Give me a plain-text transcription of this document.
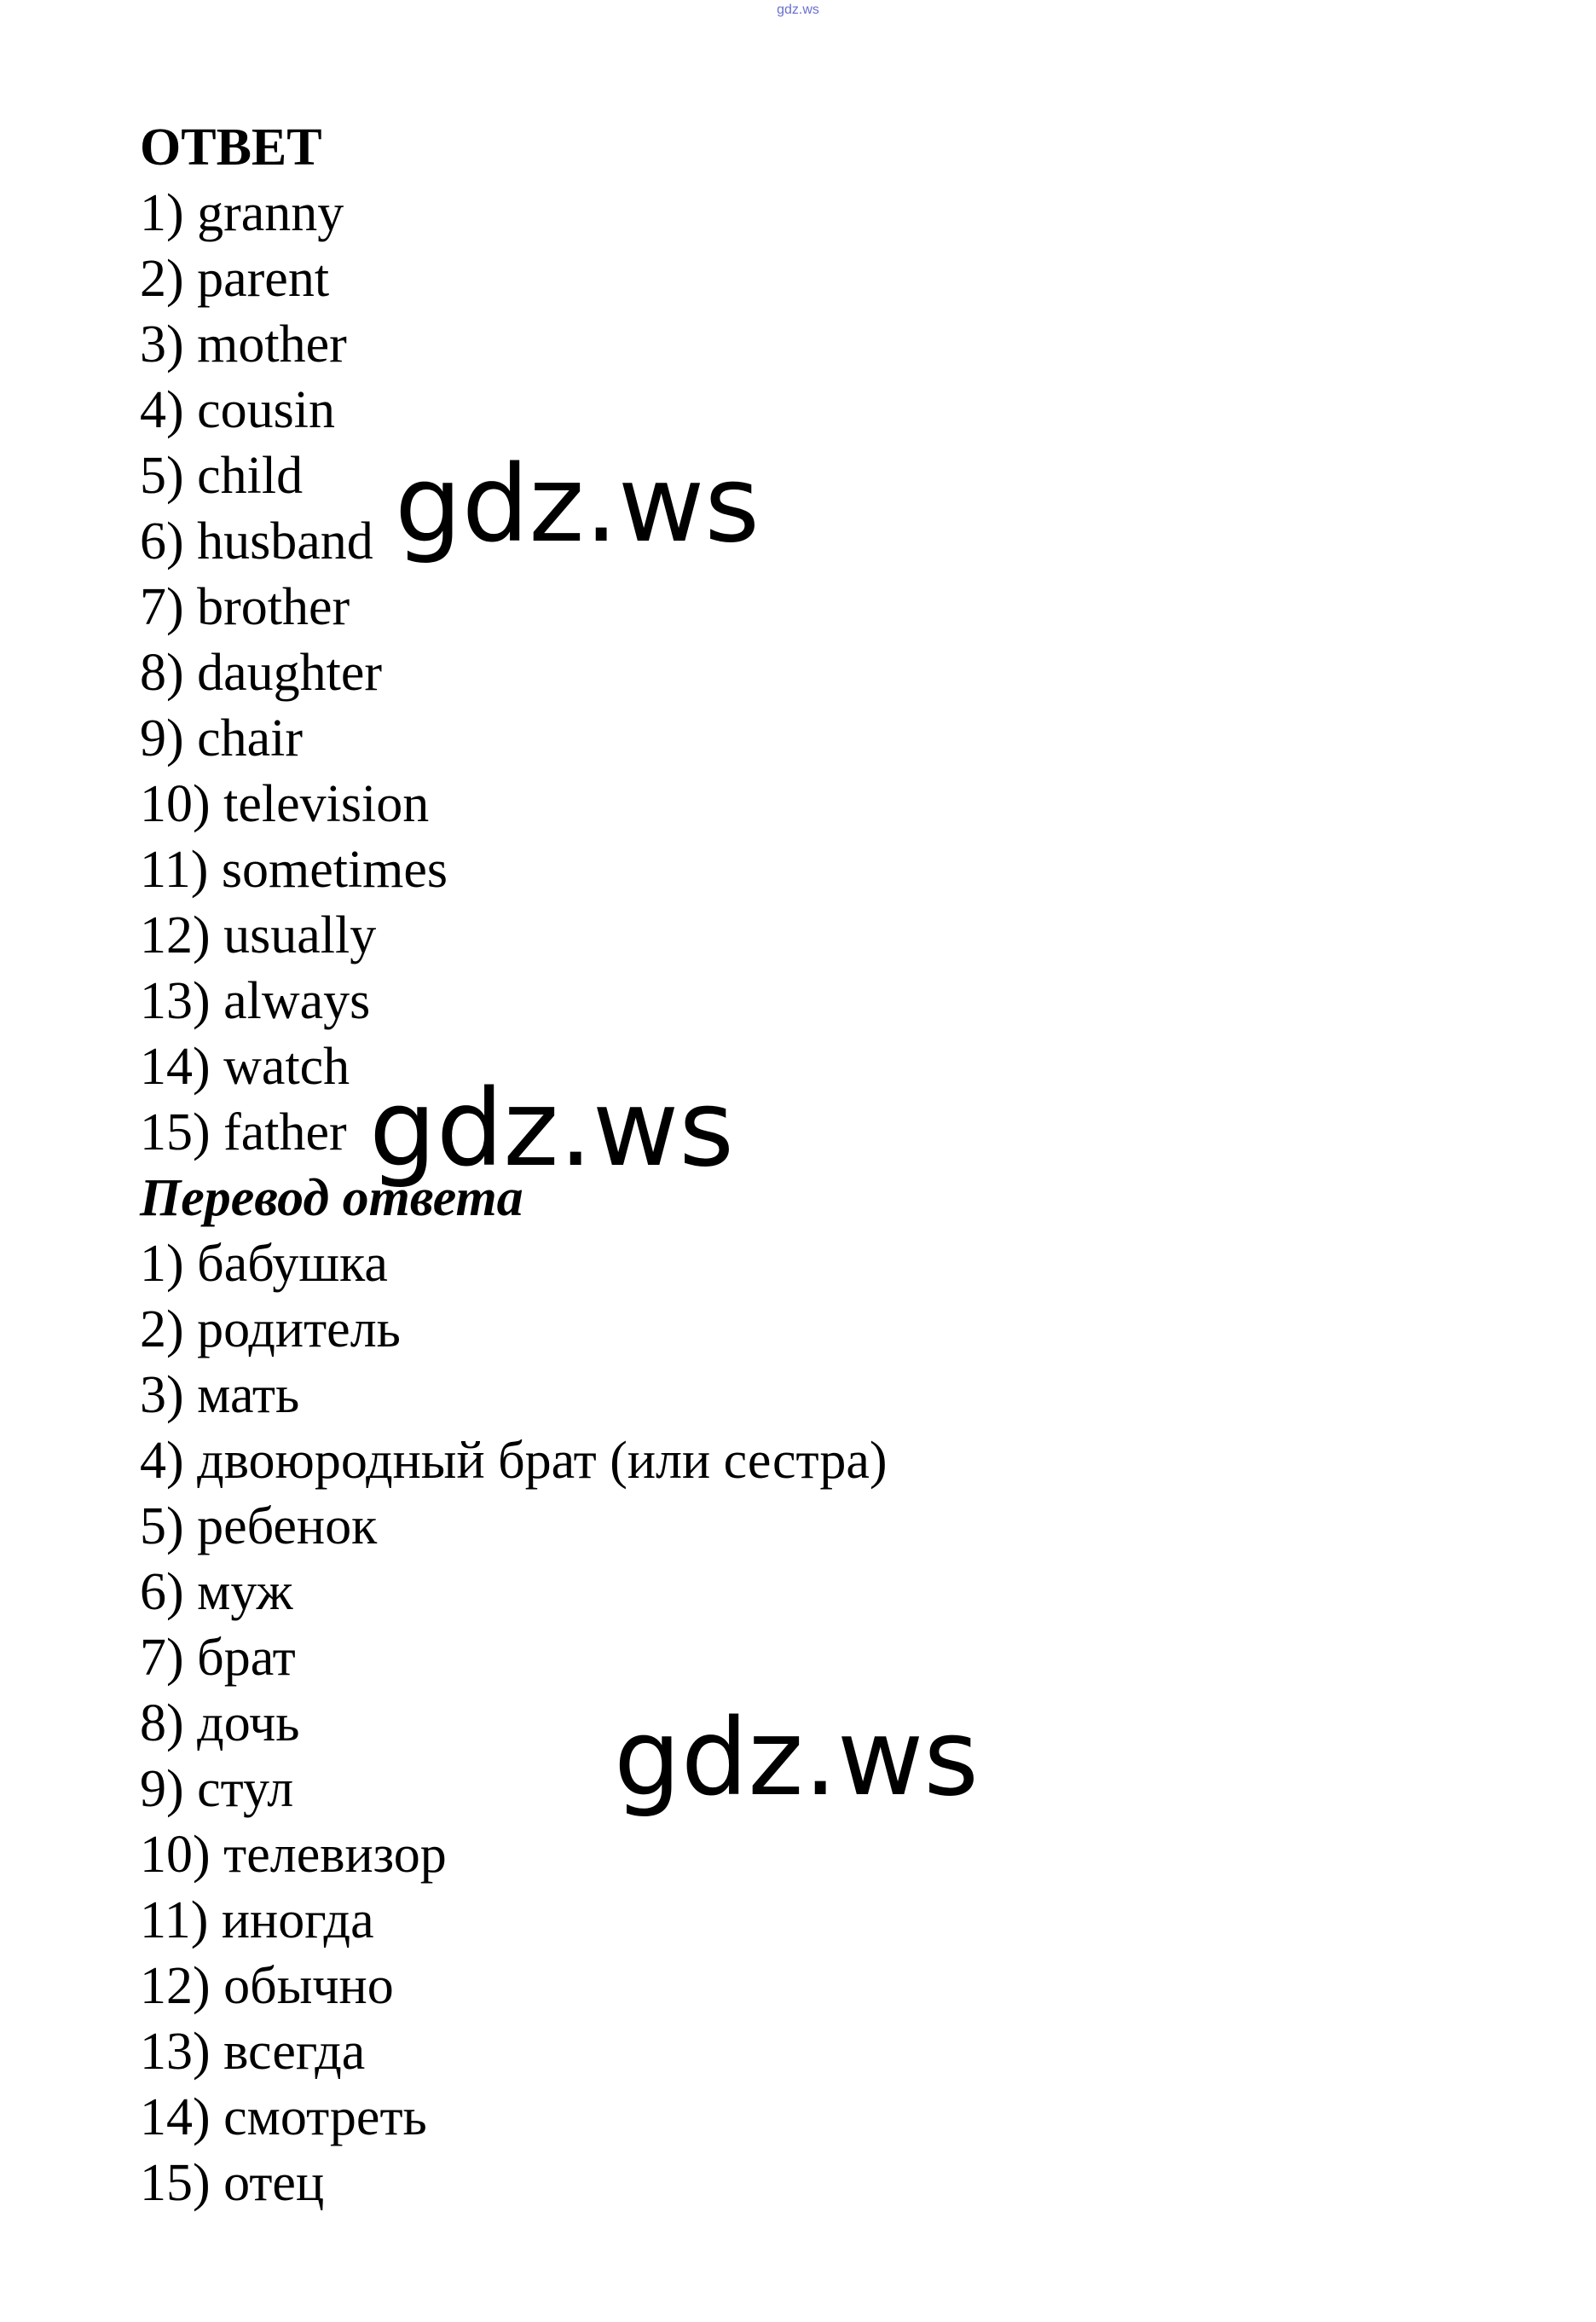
gdz.ws
ОТВЕТ
1) granny
2) parent
3) mother
4) cousin
5) child
6) husband
7) brother
8) daughter
9) chair
10) television
11) sometimes
12) usually
13) always
14) watch
15) father
Перевод ответа
1) бабушка
2) родитель
3) мать
4) двоюродный брат (или сестра)
5) ребенок
6) муж
7) брат
8) дочь
9) стул
10) телевизор
11) иногда
12) обычно
13) всегда
14) смотреть
15) отец
gdz.ws
gdz.ws
gdz.ws
